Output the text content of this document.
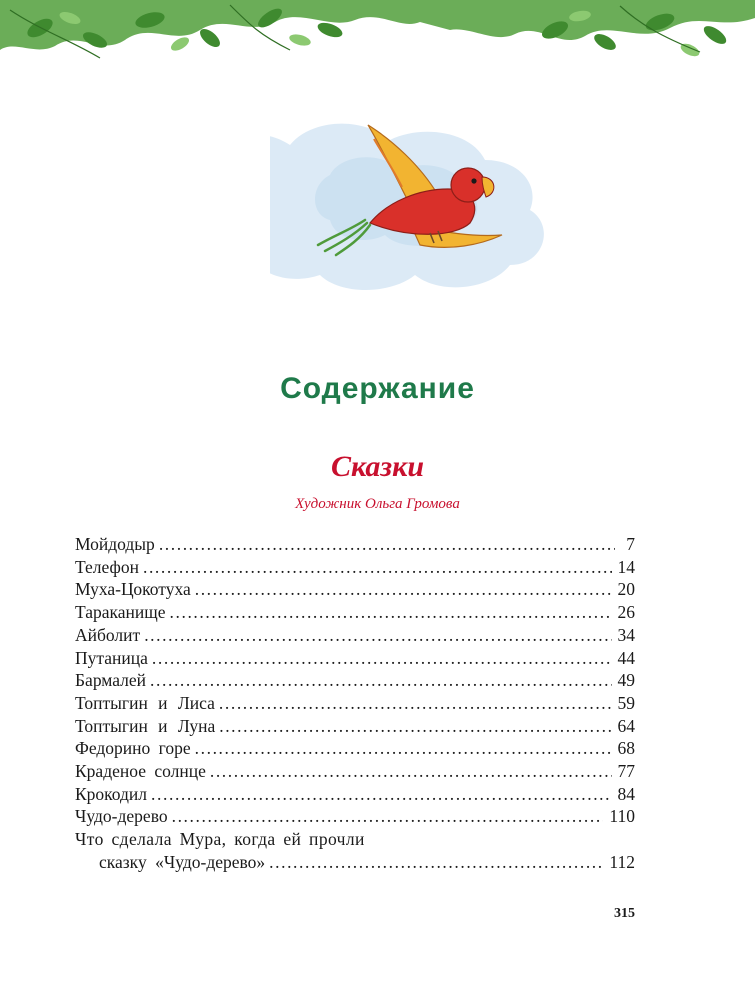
Содержание
Сказки
Художник Ольга Громова
Мойдодыр .....	7
Телефон .....	14
Муха-Цокотуха .....	20
Тараканище .....	26
Айболит .....	34
Путаница .....	44
Бармалей .....	49
Топтыгин и Лиса .....	59
Топтыгин и Луна .....	64
Федорино горе .....	68
Краденое солнце .....	77
Крокодил .....	84
Чудо-дерево .....	110
Что сделала Мура, когда ей прочли
сказку «Чудо-дерево» .....	112
315
